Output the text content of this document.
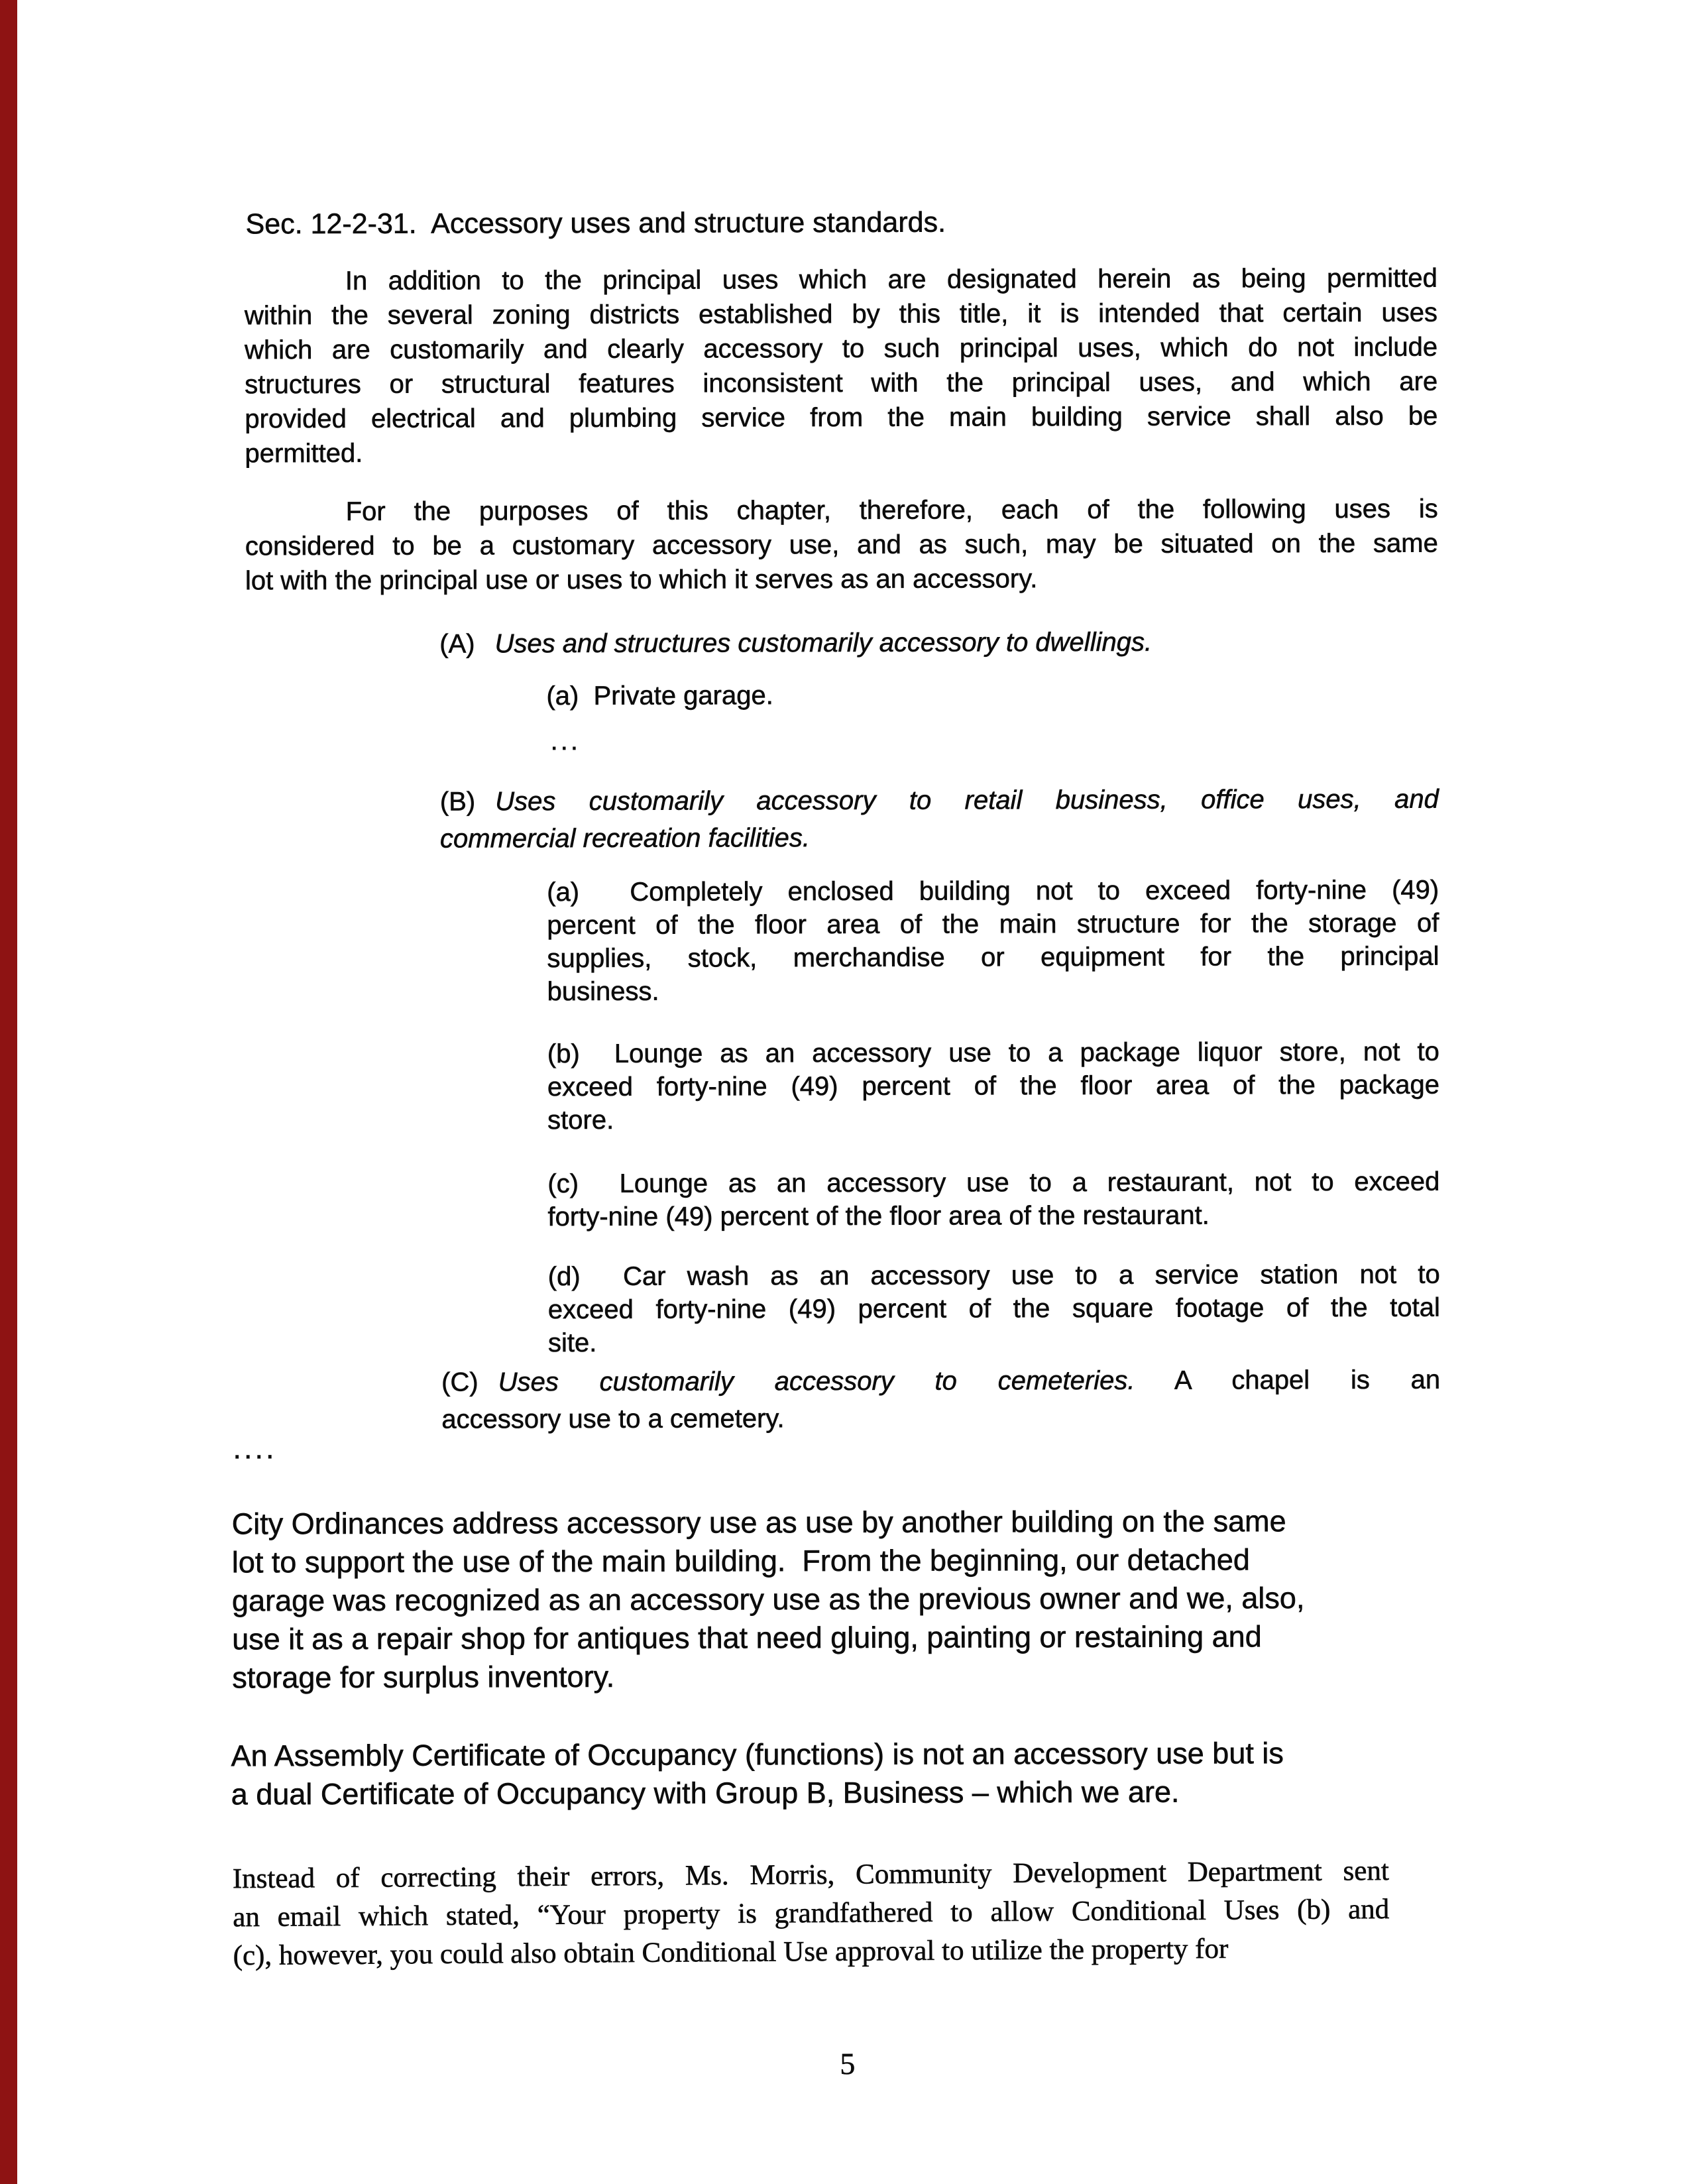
Sec. 12-2-31.  Accessory uses and structure standards.
In addition to the principal uses which are designated herein as being permitted
within the several zoning districts established by this title, it is intended that certain uses
which are customarily and clearly accessory to such principal uses, which do not include
structures or structural features inconsistent with the principal uses, and which are
provided electrical and plumbing service from the main building service shall also be
permitted.
For the purposes of this chapter, therefore, each of the following uses is
considered to be a customary accessory use, and as such, may be situated on the same
lot with the principal use or uses to which it serves as an accessory.
(A) Uses and structures customarily accessory to dwellings.
(a)  Private garage.
...
(B) Uses customarily accessory to retail business, office uses, and
commercial recreation facilities.
(a)  Completely enclosed building not to exceed forty-nine (49)
percent of the floor area of the main structure for the storage of
supplies, stock, merchandise or equipment for the principal
business.
(b)  Lounge as an accessory use to a package liquor store, not to
exceed forty-nine (49) percent of the floor area of the package
store.
(c)  Lounge as an accessory use to a restaurant, not to exceed
forty-nine (49) percent of the floor area of the restaurant.
(d)  Car wash as an accessory use to a service station not to
exceed forty-nine (49) percent of the square footage of the total
site.
(C) Uses customarily accessory to cemeteries. A chapel is an
accessory use to a cemetery.
....
City Ordinances address accessory use as use by another building on the same
lot to support the use of the main building.  From the beginning, our detached
garage was recognized as an accessory use as the previous owner and we, also,
use it as a repair shop for antiques that need gluing, painting or restaining and
storage for surplus inventory.
An Assembly Certificate of Occupancy (functions) is not an accessory use but is
a dual Certificate of Occupancy with Group B, Business – which we are.
Instead of correcting their errors, Ms. Morris, Community Development Department sent
an email which stated, “Your property is grandfathered to allow Conditional Uses (b) and
(c), however, you could also obtain Conditional Use approval to utilize the property for
5
